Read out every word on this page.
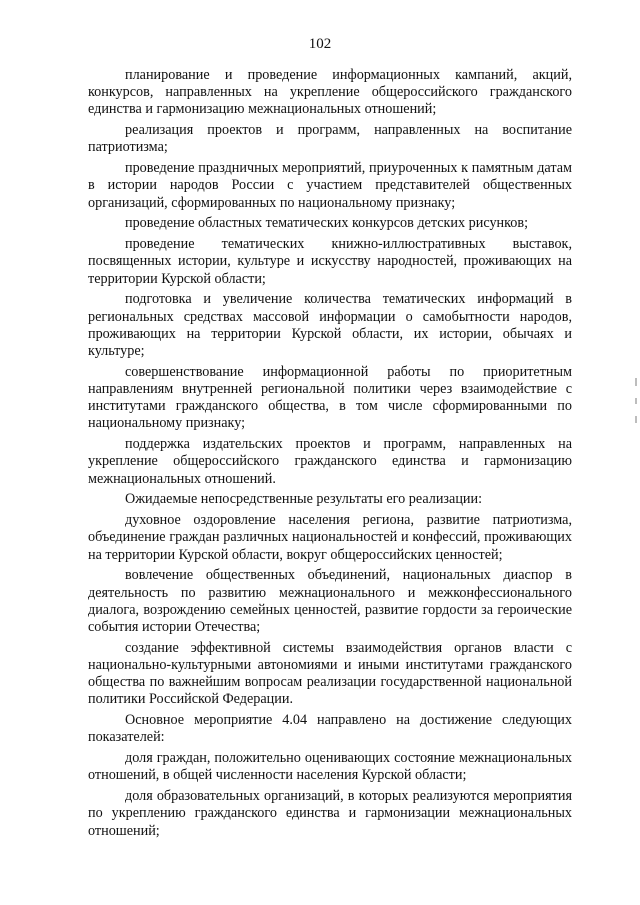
102

планирование и проведение информационных кампаний, акций, конкурсов, направленных на укрепление общероссийского гражданского единства и гармонизацию межнациональных отношений;

реализация проектов и программ, направленных на воспитание патриотизма;

проведение праздничных мероприятий, приуроченных к памятным датам в истории народов России с участием представителей общественных организаций, сформированных по национальному признаку;

проведение областных тематических конкурсов детских рисунков;

проведение тематических книжно-иллюстративных выставок, посвященных истории, культуре и искусству народностей, проживающих на территории Курской области;

подготовка и увеличение количества тематических информаций в региональных средствах массовой информации о самобытности народов, проживающих на территории Курской области, их истории, обычаях и культуре;

совершенствование информационной работы по приоритетным направлениям внутренней региональной политики через взаимодействие с институтами гражданского общества, в том числе сформированными по национальному признаку;

поддержка издательских проектов и программ, направленных на укрепление общероссийского гражданского единства и гармонизацию межнациональных отношений.

Ожидаемые непосредственные результаты его реализации:

духовное оздоровление населения региона, развитие патриотизма, объединение граждан различных национальностей и конфессий, проживающих на территории Курской области, вокруг общероссийских ценностей;

вовлечение общественных объединений, национальных диаспор в деятельность по развитию межнационального и межконфессионального диалога, возрождению семейных ценностей, развитие гордости за героические события истории Отечества;

создание эффективной системы взаимодействия органов власти с национально-культурными автономиями и иными институтами гражданского общества по важнейшим вопросам реализации государственной национальной политики Российской Федерации.

Основное мероприятие 4.04 направлено на достижение следующих показателей:

доля граждан, положительно оценивающих состояние межнациональных отношений, в общей численности населения Курской области;

доля образовательных организаций, в которых реализуются мероприятия по укреплению гражданского единства и гармонизации межнациональных отношений;
